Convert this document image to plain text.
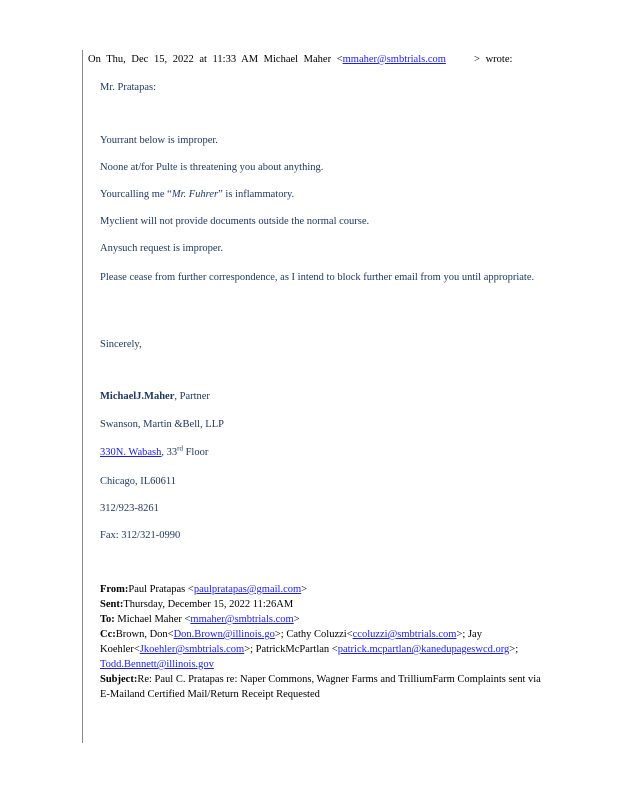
On Thu, Dec 15, 2022 at 11:33 AM Michael Maher <mmaher@smbtrials.com	> wrote:
Mr. Pratapas:
Yourrant below is improper.
Noone at/for Pulte is threatening you about anything.
Yourcalling me “Mr. Fuhrer” is inflammatory.
Myclient will not provide documents outside the normal course.
Anysuch request is improper.
Please cease from further correspondence, as I intend to block further email from you until appropriate.
Sincerely,
MichaelJ.Maher, Partner
Swanson, Martin &Bell, LLP
330N. Wabash, 33rd Floor
Chicago, IL60611
312/923-8261
Fax: 312/321-0990
From:Paul Pratapas <paulpratapas@gmail.com>
Sent:Thursday, December 15, 2022 11:26AM
To: Michael Maher <mmaher@smbtrials.com>
Cc:Brown, Don<Don.Brown@illinois.go>; Cathy Coluzzi<ccoluzzi@smbtrials.com>; Jay Koehler<Jkoehler@smbtrials.com>; PatrickMcPartlan <patrick.mcpartlan@kanedupageswcd.org>; Todd.Bennett@illinois.gov
Subject:Re: Paul C. Pratapas re: Naper Commons, Wagner Farms and TrilliumFarm Complaints sent via E-Mailand Certified Mail/Return Receipt Requested
